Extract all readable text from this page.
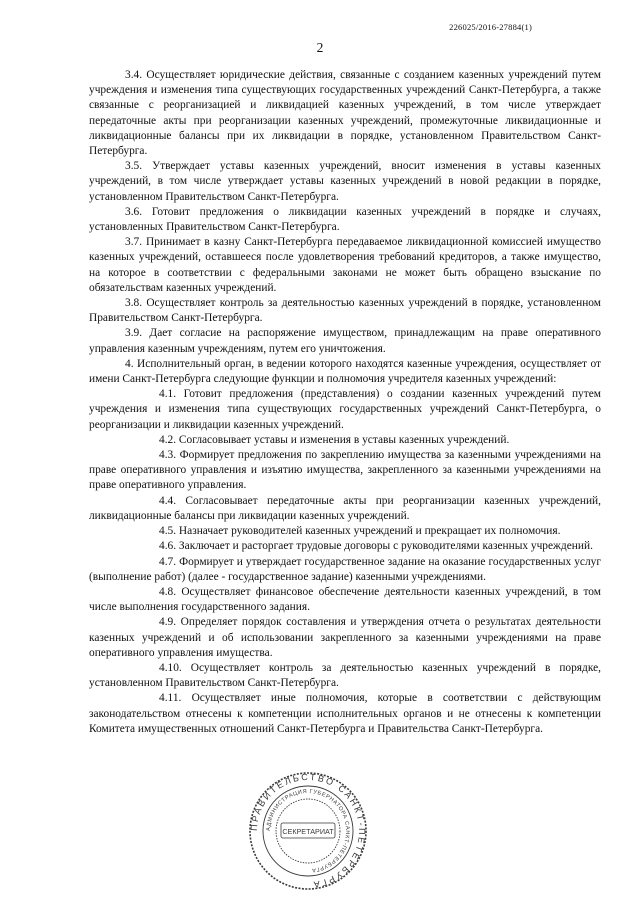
226025/2016-27884(1)
2

3.4. Осуществляет юридические действия, связанные с созданием казенных учреждений путем учреждения и изменения типа существующих государственных учреждений Санкт-Петербурга, а также связанные с реорганизацией и ликвидацией казенных учреждений, в том числе утверждает передаточные акты при реорганизации казенных учреждений, промежуточные ликвидационные и ликвидационные балансы при их ликвидации в порядке, установленном Правительством Санкт-Петербурга.

3.5. Утверждает уставы казенных учреждений, вносит изменения в уставы казенных учреждений, в том числе утверждает уставы казенных учреждений в новой редакции в порядке, установленном Правительством Санкт-Петербурга.

3.6. Готовит предложения о ликвидации казенных учреждений в порядке и случаях, установленных Правительством Санкт-Петербурга.

3.7. Принимает в казну Санкт-Петербурга передаваемое ликвидационной комиссией имущество казенных учреждений, оставшееся после удовлетворения требований кредиторов, а также имущество, на которое в соответствии с федеральными законами не может быть обращено взыскание по обязательствам казенных учреждений.

3.8. Осуществляет контроль за деятельностью казенных учреждений в порядке, установленном Правительством Санкт-Петербурга.

3.9. Дает согласие на распоряжение имуществом, принадлежащим на праве оперативного управления казенным учреждениям, путем его уничтожения.

4. Исполнительный орган, в ведении которого находятся казенные учреждения, осуществляет от имени Санкт-Петербурга следующие функции и полномочия учредителя казенных учреждений:

4.1. Готовит предложения (представления) о создании казенных учреждений путем учреждения и изменения типа существующих государственных учреждений Санкт-Петербурга, о реорганизации и ликвидации казенных учреждений.

4.2. Согласовывает уставы и изменения в уставы казенных учреждений.

4.3. Формирует предложения по закреплению имущества за казенными учреждениями на праве оперативного управления и изъятию имущества, закрепленного за казенными учреждениями на праве оперативного управления.

4.4. Согласовывает передаточные акты при реорганизации казенных учреждений, ликвидационные балансы при ликвидации казенных учреждений.

4.5. Назначает руководителей казенных учреждений и прекращает их полномочия.

4.6. Заключает и расторгает трудовые договоры с руководителями казенных учреждений.

4.7. Формирует и утверждает государственное задание на оказание государственных услуг (выполнение работ) (далее - государственное задание) казенными учреждениями.

4.8. Осуществляет финансовое обеспечение деятельности казенных учреждений, в том числе выполнения государственного задания.

4.9. Определяет порядок составления и утверждения отчета о результатах деятельности казенных учреждений и об использовании закрепленного за казенными учреждениями на праве оперативного управления имущества.

4.10. Осуществляет контроль за деятельностью казенных учреждений в порядке, установленном Правительством Санкт-Петербурга.

4.11. Осуществляет иные полномочия, которые в соответствии с действующим законодательством отнесены к компетенции исполнительных органов и не отнесены к компетенции Комитета имущественных отношений Санкт-Петербурга и Правительства Санкт-Петербурга.

ПРАВИТЕЛЬСТВО САНКТ-ПЕТЕРБУРГА
АДМИНИСТРАЦИЯ ГУБЕРНАТОРА САНКТ-ПЕТЕРБУРГА
СЕКРЕТАРИАТ
